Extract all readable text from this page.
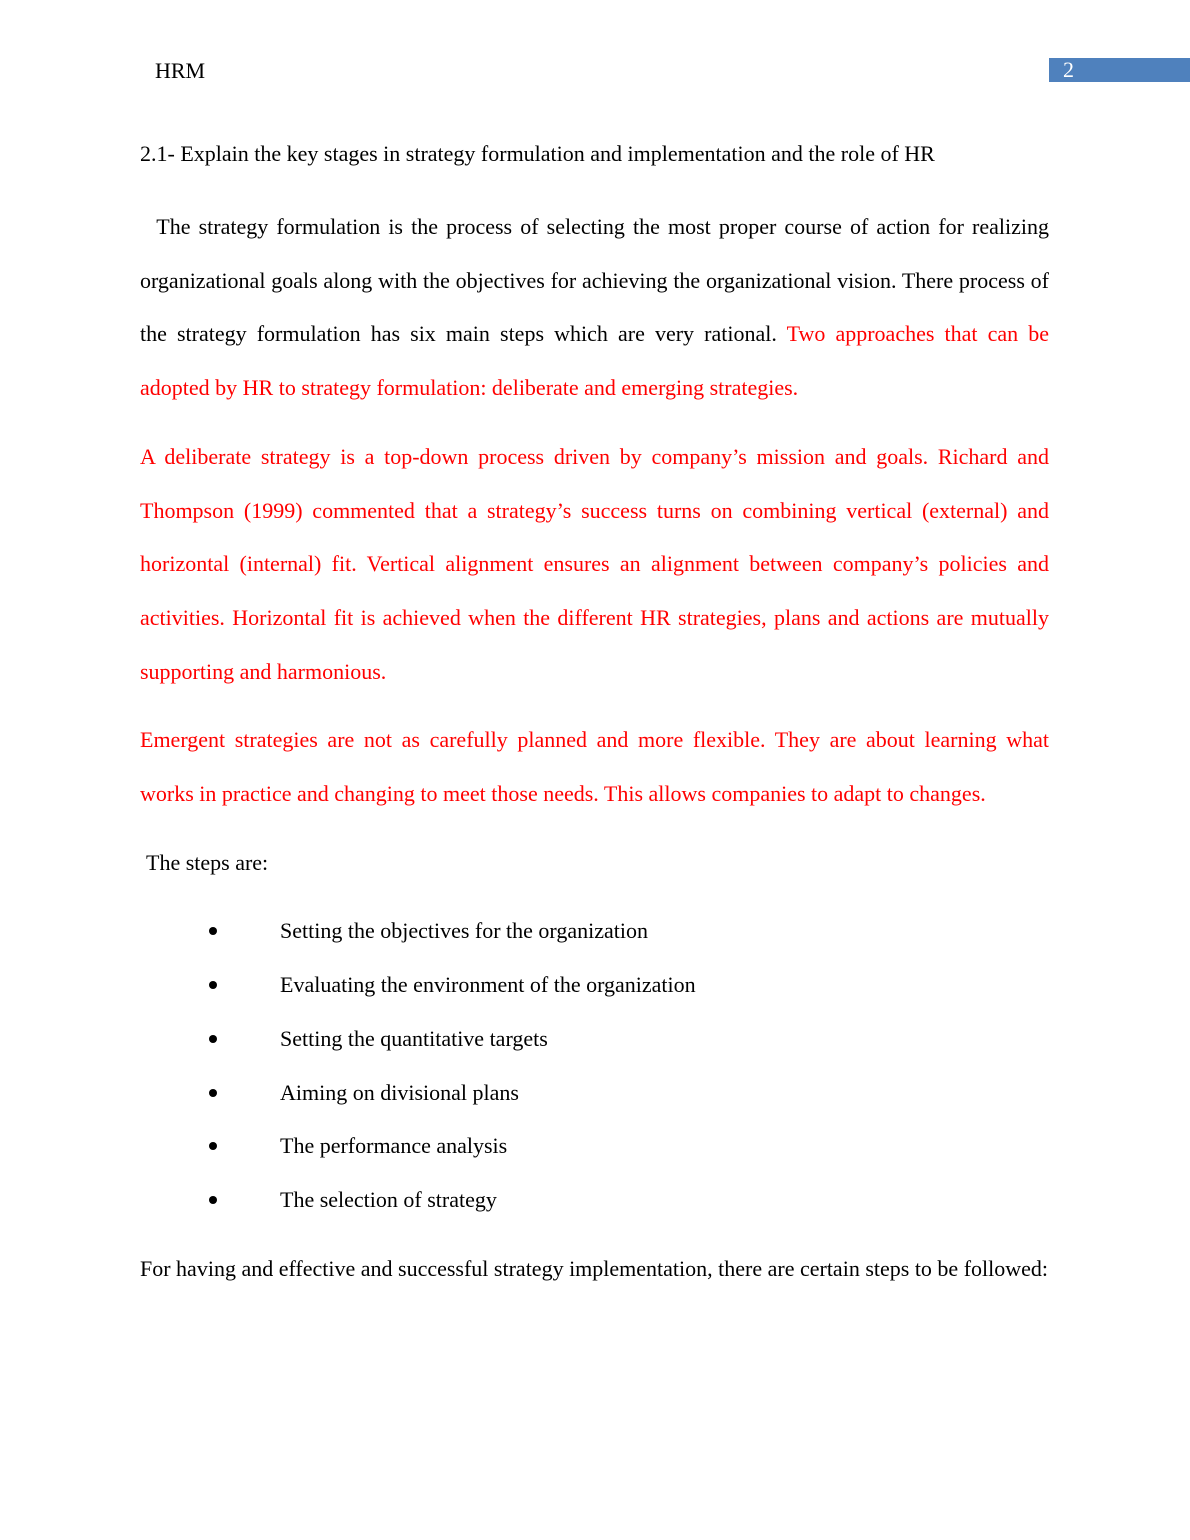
HRM	2

2.1- Explain the key stages in strategy formulation and implementation and the role of HR

The strategy formulation is the process of selecting the most proper course of action for realizing organizational goals along with the objectives for achieving the organizational vision. There process of the strategy formulation has six main steps which are very rational. Two approaches that can be adopted by HR to strategy formulation: deliberate and emerging strategies.

A deliberate strategy is a top-down process driven by company’s mission and goals. Richard and Thompson (1999) commented that a strategy’s success turns on combining vertical (external) and horizontal (internal) fit. Vertical alignment ensures an alignment between company’s policies and activities. Horizontal fit is achieved when the different HR strategies, plans and actions are mutually supporting and harmonious.

Emergent strategies are not as carefully planned and more flexible. They are about learning what works in practice and changing to meet those needs. This allows companies to adapt to changes.

The steps are:

Setting the objectives for the organization
Evaluating the environment of the organization
Setting the quantitative targets
Aiming on divisional plans
The performance analysis
The selection of strategy

For having and effective and successful strategy implementation, there are certain steps to be followed:
